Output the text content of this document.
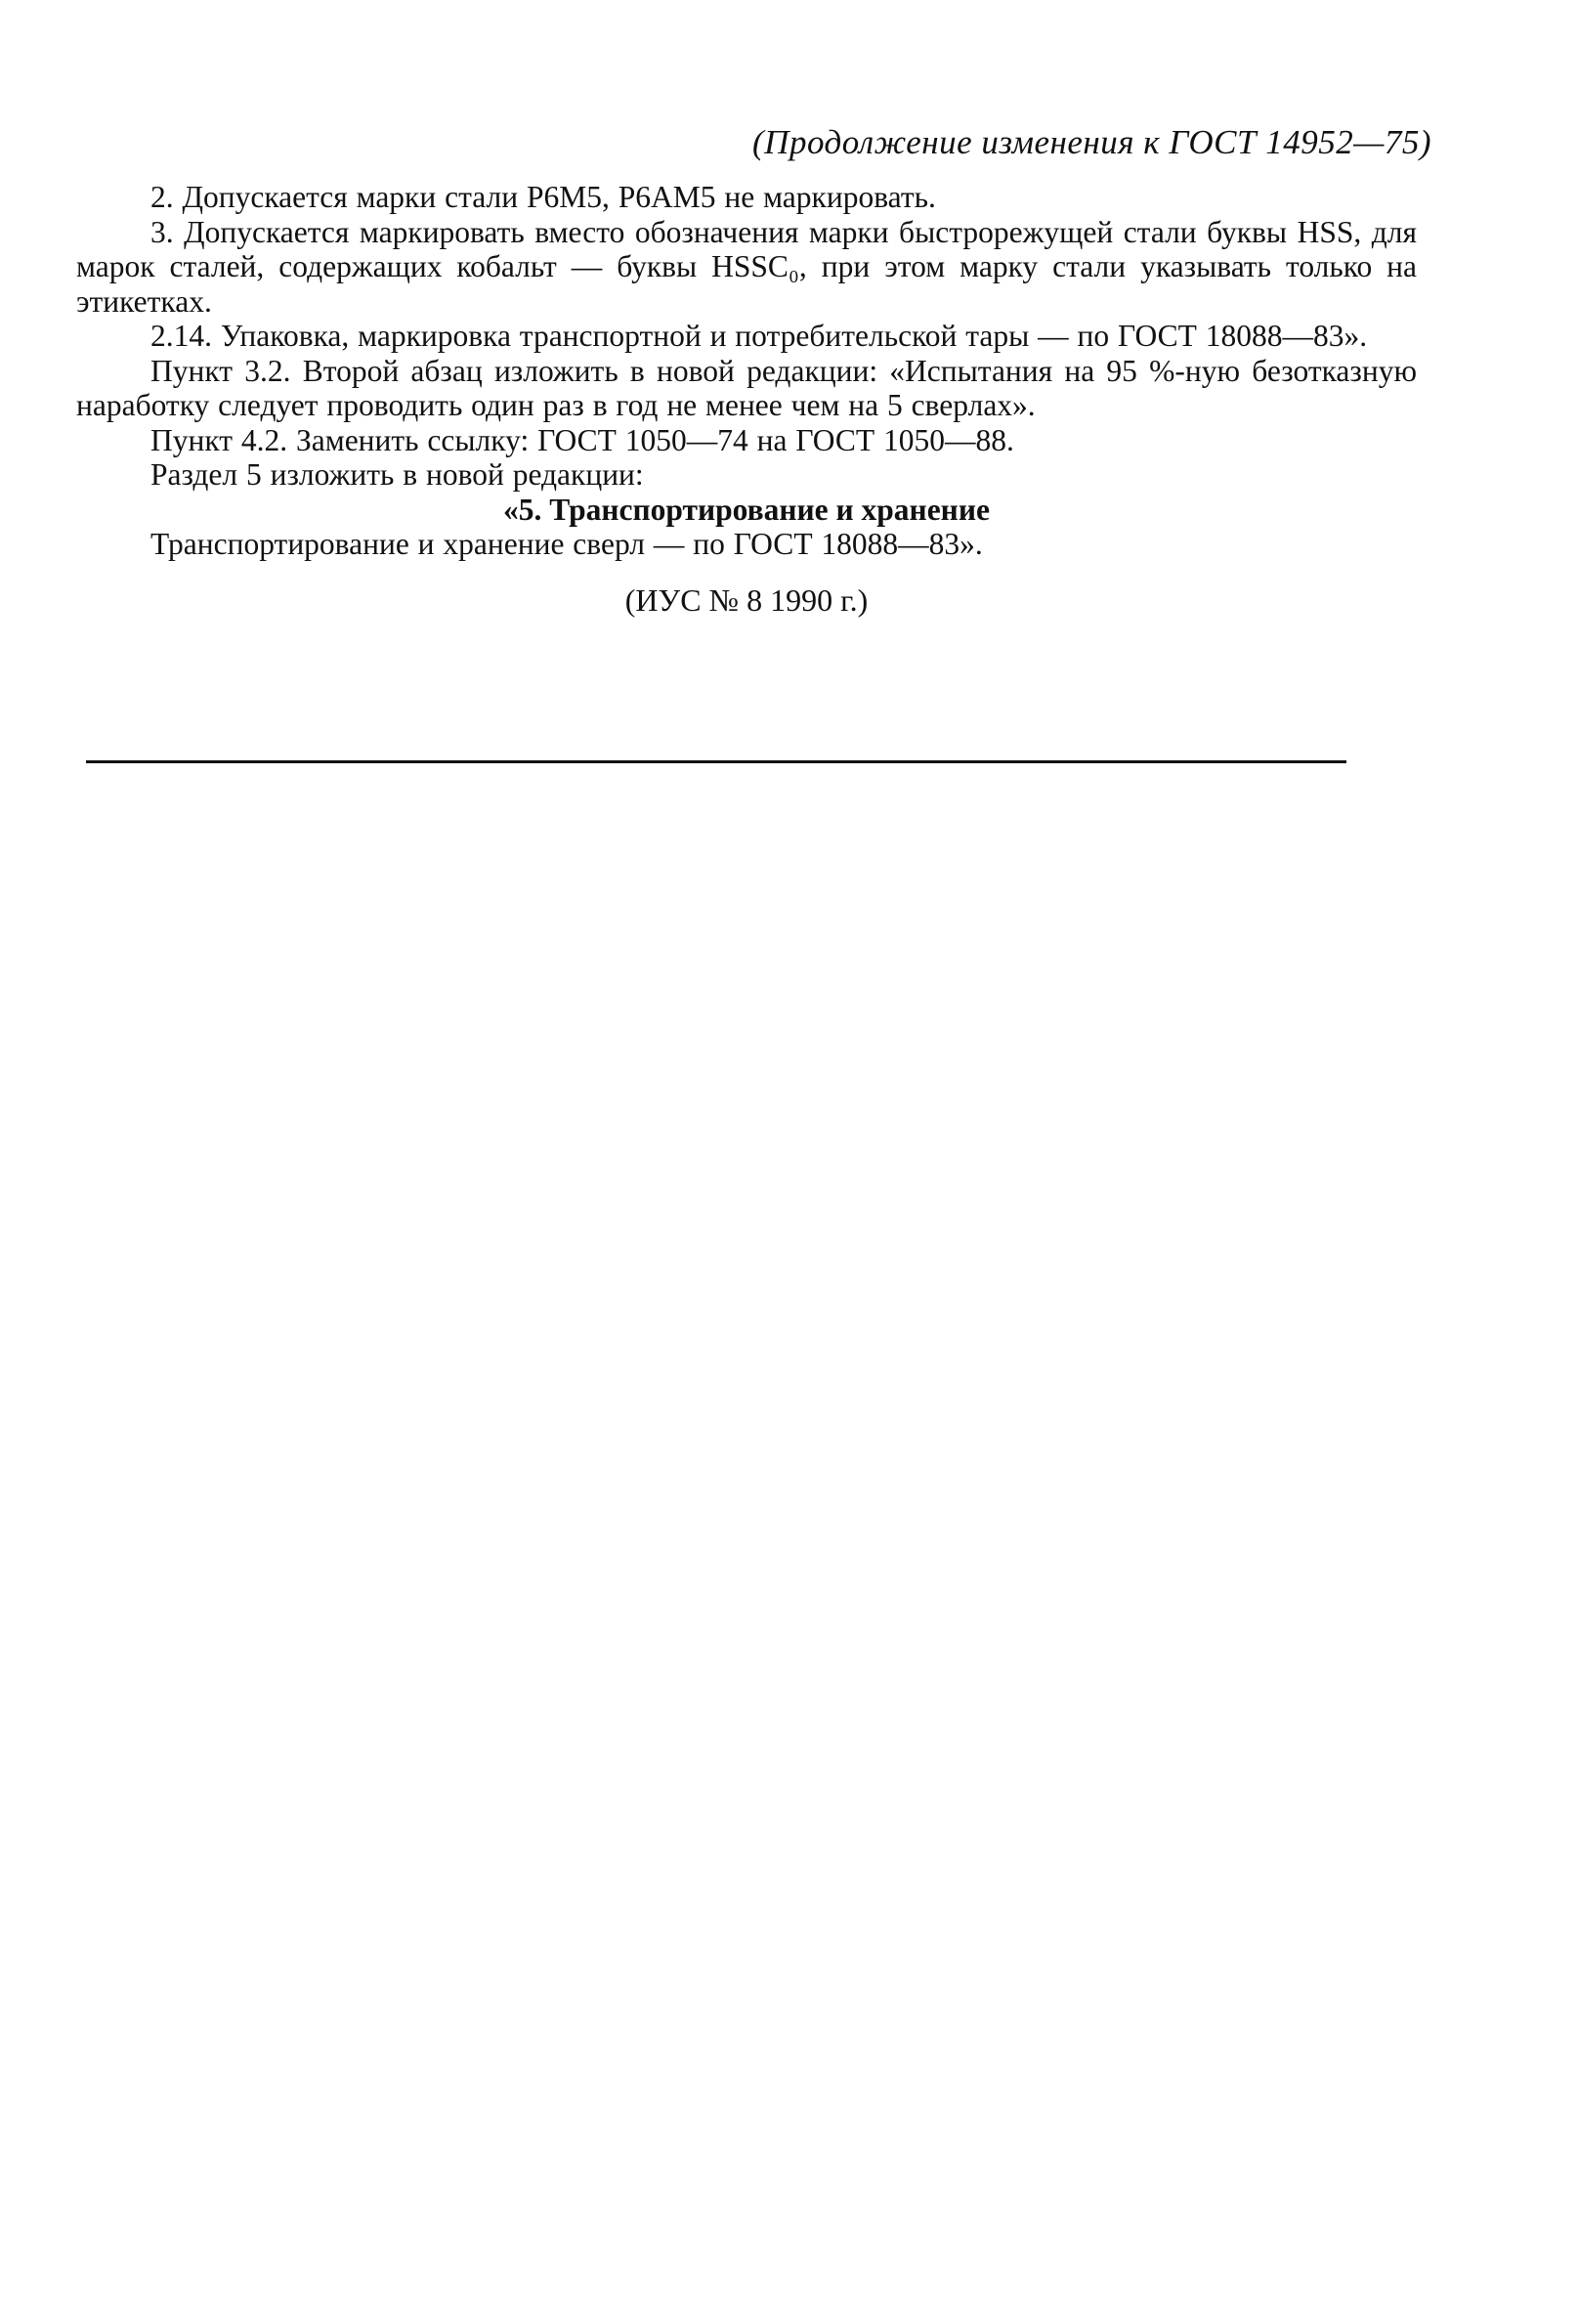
(Продолжение изменения к ГОСТ 14952—75)

2. Допускается марки стали Р6М5, Р6АМ5 не маркировать.

3. Допускается маркировать вместо обозначения марки быстрорежущей стали буквы HSS, для марок сталей, содержащих кобальт — буквы HSSC₀, при этом марку стали указывать только на этикетках.

2.14. Упаковка, маркировка транспортной и потребительской тары — по ГОСТ 18088—83».

Пункт 3.2. Второй абзац изложить в новой редакции: «Испытания на 95 %-ную безотказную наработку следует проводить один раз в год не менее чем на 5 сверлах».

Пункт 4.2. Заменить ссылку: ГОСТ 1050—74 на ГОСТ 1050—88.

Раздел 5 изложить в новой редакции:

«5. Транспортирование и хранение

Транспортирование и хранение сверл — по ГОСТ 18088—83».

(ИУС № 8 1990 г.)
